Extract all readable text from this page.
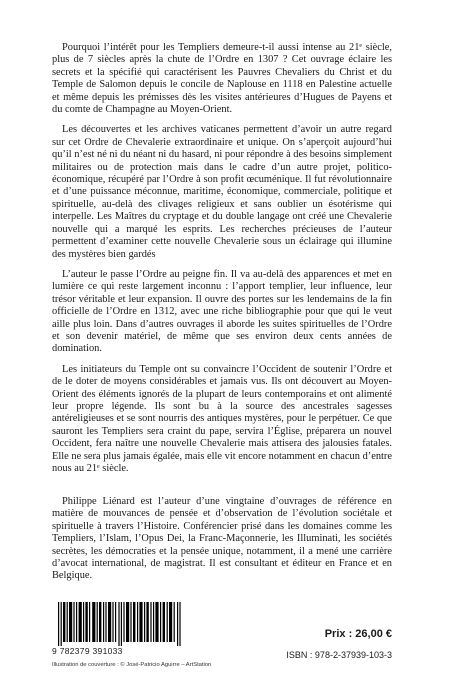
Pourquoi l’intérêt pour les Templiers demeure-t-il aussi intense au 21ᵉ siècle, plus de 7 siècles après la chute de l’Ordre en 1307 ? Cet ouvrage éclaire les secrets et la spécifié qui caractérisent les Pauvres Chevaliers du Christ et du Temple de Salomon depuis le concile de Naplouse en 1118 en Palestine actuelle et même depuis les prémisses dès les visites antérieures d’Hugues de Payens et du comte de Champagne au Moyen-Orient.

Les découvertes et les archives vaticanes permettent d’avoir un autre regard sur cet Ordre de Chevalerie extraordinaire et unique. On s’aperçoit aujourd’hui qu’il n’est né ni du néant ni du hasard, ni pour répondre à des besoins simplement militaires ou de protection mais dans le cadre d’un autre projet, politico-économique, récupéré par l’Ordre à son profit œcuménique. Il fut révolutionnaire et d’une puissance méconnue, maritime, économique, commerciale, politique et spirituelle, au-delà des clivages religieux et sans oublier un ésotérisme qui interpelle. Les Maîtres du cryptage et du double langage ont créé une Chevalerie nouvelle qui a marqué les esprits. Les recherches précieuses de l’auteur permettent d’examiner cette nouvelle Chevalerie sous un éclairage qui illumine des mystères bien gardés

L’auteur le passe l’Ordre au peigne fin. Il va au-delà des apparences et met en lumière ce qui reste largement inconnu : l’apport templier, leur influence, leur trésor véritable et leur expansion. Il ouvre des portes sur les lendemains de la fin officielle de l’Ordre en 1312, avec une riche bibliographie pour que qui le veut aille plus loin. Dans d’autres ouvrages il aborde les suites spirituelles de l’Ordre et son devenir matériel, de même que ses environ deux cents années de domination.

Les initiateurs du Temple ont su convaincre l’Occident de soutenir l’Ordre et de le doter de moyens considérables et jamais vus. Ils ont découvert au Moyen-Orient des éléments ignorés de la plupart de leurs contemporains et ont alimenté leur propre légende. Ils sont bu à la source des ancestrales sagesses antéreligieuses et se sont nourris des antiques mystères, pour le perpétuer. Ce que sauront les Templiers sera craint du pape, servira l’Église, préparera un nouvel Occident, fera naître une nouvelle Chevalerie mais attisera des jalousies fatales. Elle ne sera plus jamais égalée, mais elle vit encore notamment en chacun d’entre nous au 21ᵉ siècle.

Philippe Liénard est l’auteur d’une vingtaine d’ouvrages de référence en matière de mouvances de pensée et d’observation de l’évolution sociétale et spirituelle à travers l’Histoire. Conférencier prisé dans les domaines comme les Templiers, l’Islam, l’Opus Dei, la Franc-Maçonnerie, les Illuminati, les sociétés secrètes, les démocraties et la pensée unique, notamment, il a mené une carrière d’avocat international, de magistrat. Il est consultant et éditeur en France et en Belgique.

9 782379 391033
Illustration de couverture : © José-Patricio Aguirre – ArtStation
Prix : 26,00 €
ISBN : 978-2-37939-103-3
